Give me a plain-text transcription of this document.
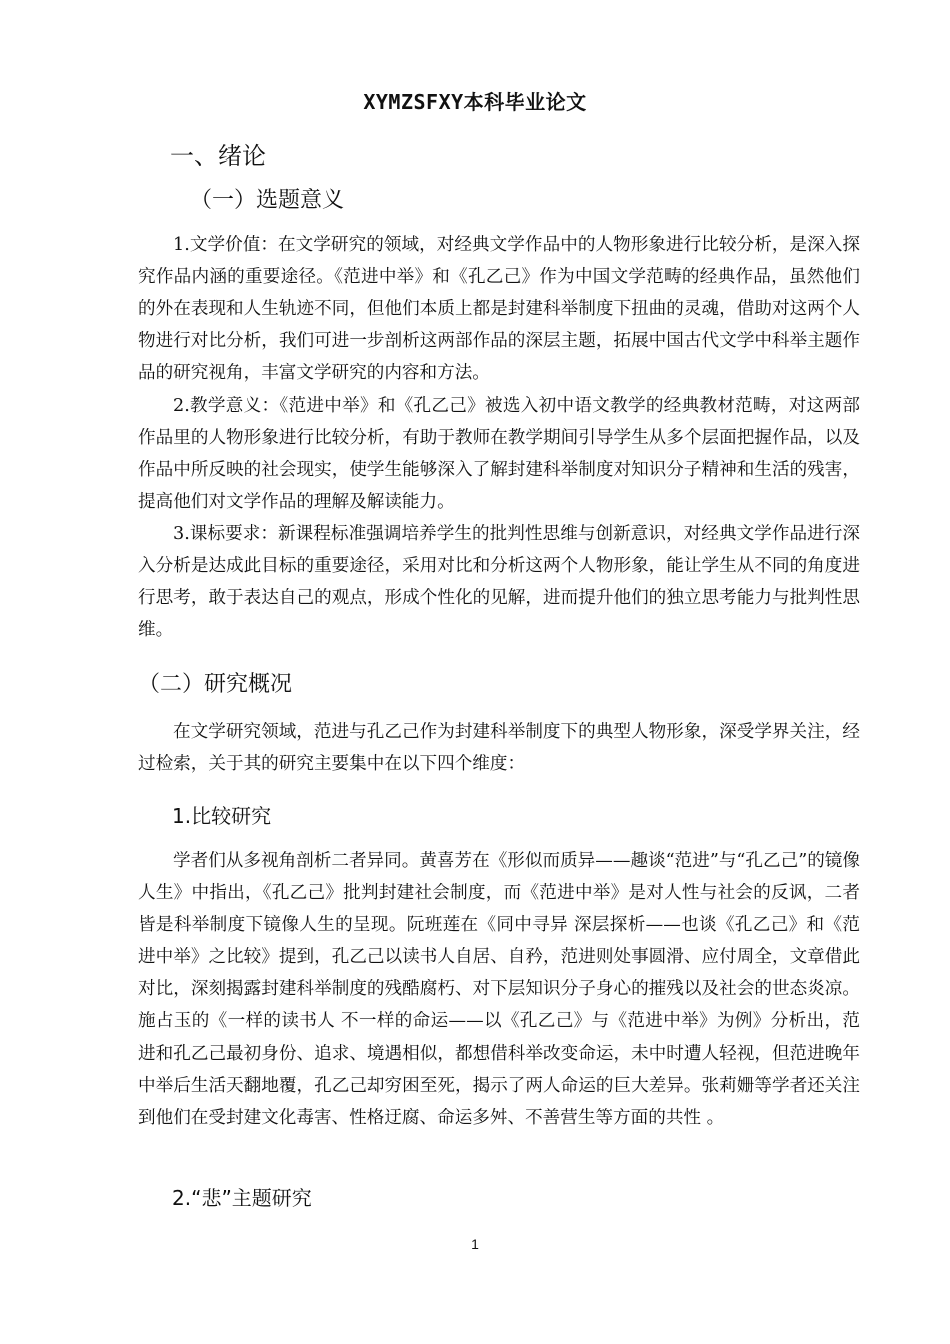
XYMZSFXY本科毕业论文
一、绪论
（一）选题意义

1.文学价值：在文学研究的领域，对经典文学作品中的人物形象进行比较分析，是深入探究作品内涵的重要途径。《范进中举》和《孔乙己》作为中国文学范畴的经典作品，虽然他们的外在表现和人生轨迹不同，但他们本质上都是封建科举制度下扭曲的灵魂，借助对这两个人物进行对比分析，我们可进一步剖析这两部作品的深层主题，拓展中国古代文学中科举主题作品的研究视角，丰富文学研究的内容和方法。

2.教学意义：《范进中举》和《孔乙己》被选入初中语文教学的经典教材范畴，对这两部作品里的人物形象进行比较分析，有助于教师在教学期间引导学生从多个层面把握作品，以及作品中所反映的社会现实，使学生能够深入了解封建科举制度对知识分子精神和生活的残害，提高他们对文学作品的理解及解读能力。

3.课标要求：新课程标准强调培养学生的批判性思维与创新意识，对经典文学作品进行深入分析是达成此目标的重要途径，采用对比和分析这两个人物形象，能让学生从不同的角度进行思考，敢于表达自己的观点，形成个性化的见解，进而提升他们的独立思考能力与批判性思维。

（二）研究概况

在文学研究领域，范进与孔乙己作为封建科举制度下的典型人物形象，深受学界关注，经过检索，关于其的研究主要集中在以下四个维度：

1.比较研究

学者们从多视角剖析二者异同。黄喜芳在《形似而质异——趣谈“范进”与“孔乙己”的镜像人生》中指出，《孔乙己》批判封建社会制度，而《范进中举》是对人性与社会的反讽，二者皆是科举制度下镜像人生的呈现。阮班莲在《同中寻异 深层探析——也谈《孔乙己》和《范进中举》之比较》提到，孔乙己以读书人自居、自矜，范进则处事圆滑、应付周全，文章借此对比，深刻揭露封建科举制度的残酷腐朽、对下层知识分子身心的摧残以及社会的世态炎凉。施占玉的《一样的读书人 不一样的命运——以《孔乙己》与《范进中举》为例》分析出，范进和孔乙己最初身份、追求、境遇相似，都想借科举改变命运，未中时遭人轻视，但范进晚年中举后生活天翻地覆，孔乙己却穷困至死，揭示了两人命运的巨大差异。张莉姗等学者还关注到他们在受封建文化毒害、性格迂腐、命运多舛、不善营生等方面的共性 。

2.“悲”主题研究
1
